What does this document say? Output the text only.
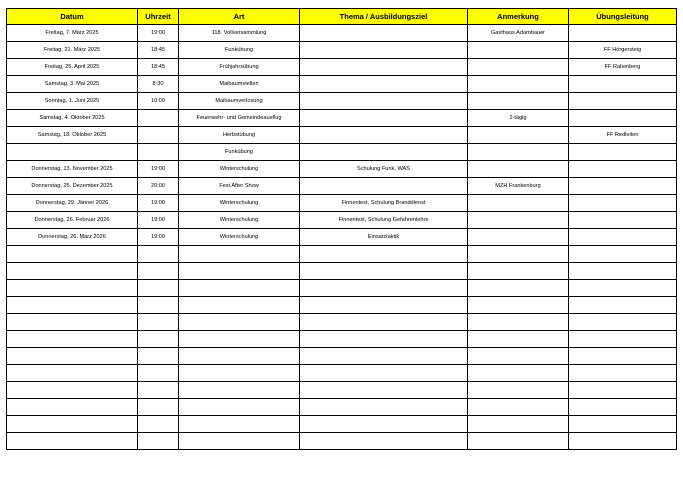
Datum	Uhrzeit	Art	Thema / Ausbildungsziel	Anmerkung	Übungsleitung
Freitag, 7. März 2025	19:00	118. Vollversammlung		Gasthaus Adambauer	
Freitag, 21. März 2025	18:45	Funkübung			FF Hörgersteig
Freitag, 25. April 2025	18:45	Frühjahrsübung			FF Raitenberg
Samstag, 3. Mai 2025	8:30	Maibaumstellen			
Sonntag, 1. Juni 2025	10:00	Maibaumverlosung			
Samstag, 4. Oktober 2025		Feuerwehr- und Gemeindeausflug		2-tägig	
Samstag, 18. Oktober 2025		Herbstübung			FF Redleiten
		Funkübung			
Donnerstag, 13. November 2025	19:00	Winterschulung	Schulung Funk, WAS		
Donnerstag, 25. Dezember 2025	20:00	Fest After Show		MZH Frankenburg	
Donnerstag, 29. Jänner 2026	19:00	Winterschulung	Finnentest, Schulung Branddienst		
Donnerstag, 26. Februar 2026	19:00	Winterschulung	Finnentest, Schulung Gefahrenlehre		
Donnerstag, 26. März 2026	19:00	Winterschulung	Einsatztaktik		
